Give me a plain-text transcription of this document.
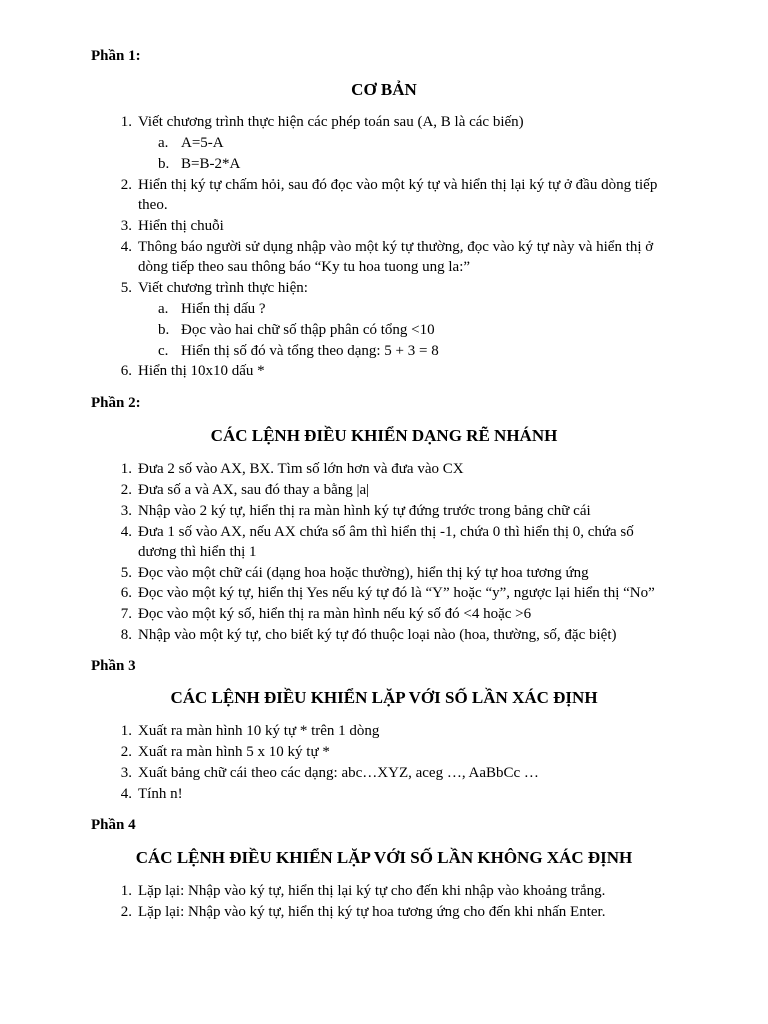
Phần 1:

CƠ BẢN

1. Viết chương trình thực hiện các phép toán sau (A, B là các biến)
a. A=5-A
b. B=B-2*A
2. Hiển thị ký tự chấm hỏi, sau đó đọc vào một ký tự và hiển thị lại ký tự ở đầu dòng tiếp
theo.
3. Hiển thị chuỗi
4. Thông báo người sử dụng nhập vào một ký tự thường, đọc vào ký tự này và hiển thị ở
dòng tiếp theo sau thông báo “Ky tu hoa tuong ung la:”
5. Viết chương trình thực hiện:
a. Hiển thị dấu ?
b. Đọc vào hai chữ số thập phân có tổng <10
c. Hiển thị số đó và tổng theo dạng: 5 + 3 = 8
6. Hiển thị 10x10 dấu *

Phần 2:

CÁC LỆNH ĐIỀU KHIỂN DẠNG RẼ NHÁNH

1. Đưa 2 số vào AX, BX. Tìm số lớn hơn và đưa vào CX
2. Đưa số a và AX, sau đó thay a bằng |a|
3. Nhập vào 2 ký tự, hiển thị ra màn hình ký tự đứng trước trong bảng chữ cái
4. Đưa 1 số vào AX, nếu AX chứa số âm thì hiển thị -1, chứa 0 thì hiển thị 0, chứa số
dương thì hiển thị 1
5. Đọc vào một chữ cái (dạng hoa hoặc thường), hiển thị ký tự hoa tương ứng
6. Đọc vào một ký tự, hiển thị Yes nếu ký tự đó là “Y” hoặc “y”, ngược lại hiển thị “No”
7. Đọc vào một ký số, hiển thị ra màn hình nếu ký số đó <4 hoặc >6
8. Nhập vào một ký tự, cho biết ký tự đó thuộc loại nào (hoa, thường, số, đặc biệt)

Phần 3

CÁC LỆNH ĐIỀU KHIỂN LẶP VỚI SỐ LẦN XÁC ĐỊNH

1. Xuất ra màn hình 10 ký tự * trên 1 dòng
2. Xuất ra màn hình 5 x 10 ký tự *
3. Xuất bảng chữ cái theo các dạng: abc…XYZ, aceg …, AaBbCc …
4. Tính n!

Phần 4

CÁC LỆNH ĐIỀU KHIỂN LẶP VỚI SỐ LẦN KHÔNG XÁC ĐỊNH

1. Lặp lại: Nhập vào ký tự, hiển thị lại ký tự cho đến khi nhập vào khoảng trắng.
2. Lặp lại: Nhập vào ký tự, hiển thị ký tự hoa tương ứng cho đến khi nhấn Enter.
